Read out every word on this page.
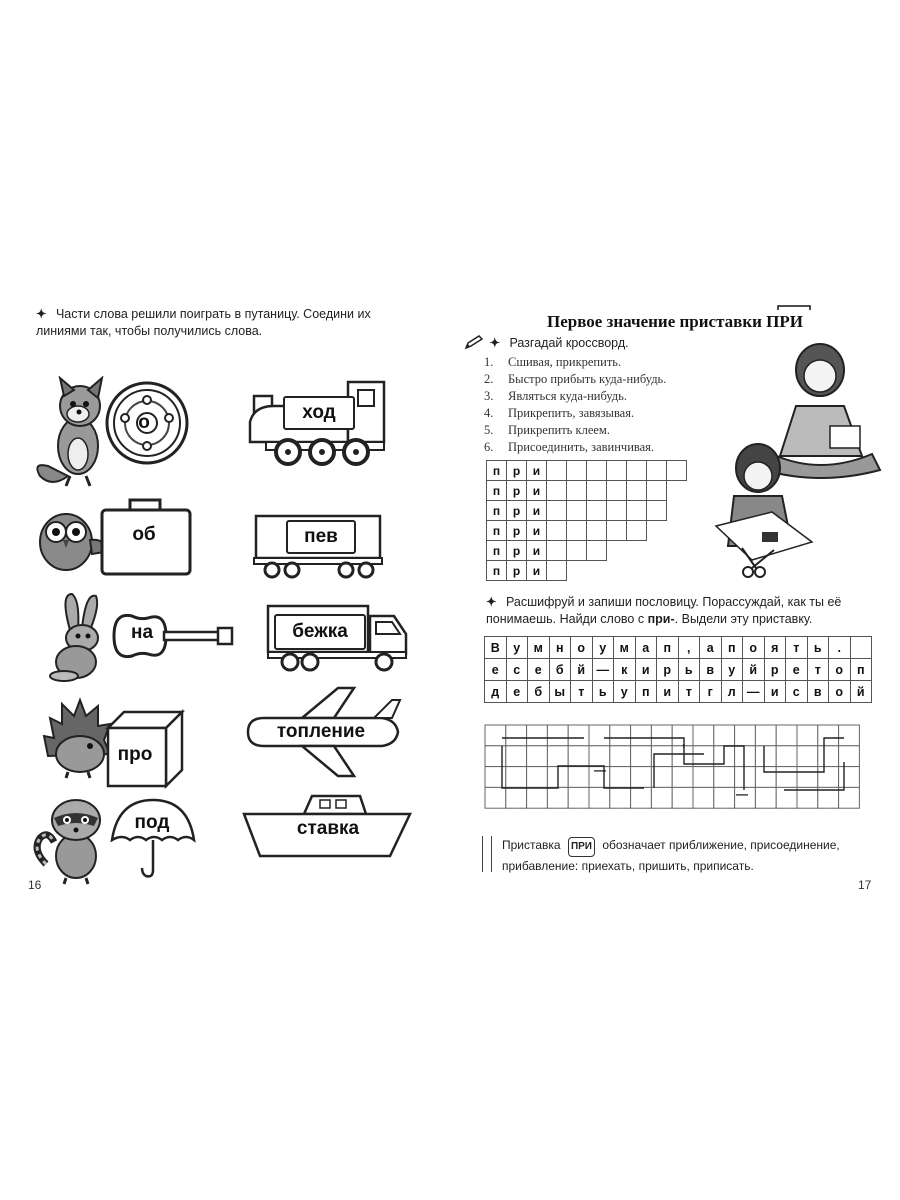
✦ Части слова решили поиграть в путаницу. Соедини их линиями так, чтобы получились слова.
о	ход
об	пев
на	бежка
про
топление
под	ставка
16
Первое значение приставки ПРИ
✦ Разгадай кроссворд.
1. Сшивая, прикрепить.
2. Быстро прибыть куда-нибудь.
3. Являться куда-нибудь.
4. Прикрепить, завязывая.
5. Прикрепить клеем.
6. Присоединить, завинчивая.
п	р	и							
п	р	и							
п	р	и							
п	р	и							
п	р	и							
п	р	и							
✦ Расшифруй и запиши пословицу. Порассуждай, как ты её понимаешь. Найди слово с при-. Выдели эту приставку.
В	у	м	н	о	у	м	а	п	,	а	п	о	я	т	ь	.	
е	с	е	б	й	—	к	и	р	ь	в	у	й	р	е	т	о	п
д	е	б	ы	т	ь	у	п	и	т	г	л	—	и	с	в	о	й
,
—
—
Приставка ПРИ обозначает приближение, присоединение, прибавление: приехать, пришить, приписать.
17
